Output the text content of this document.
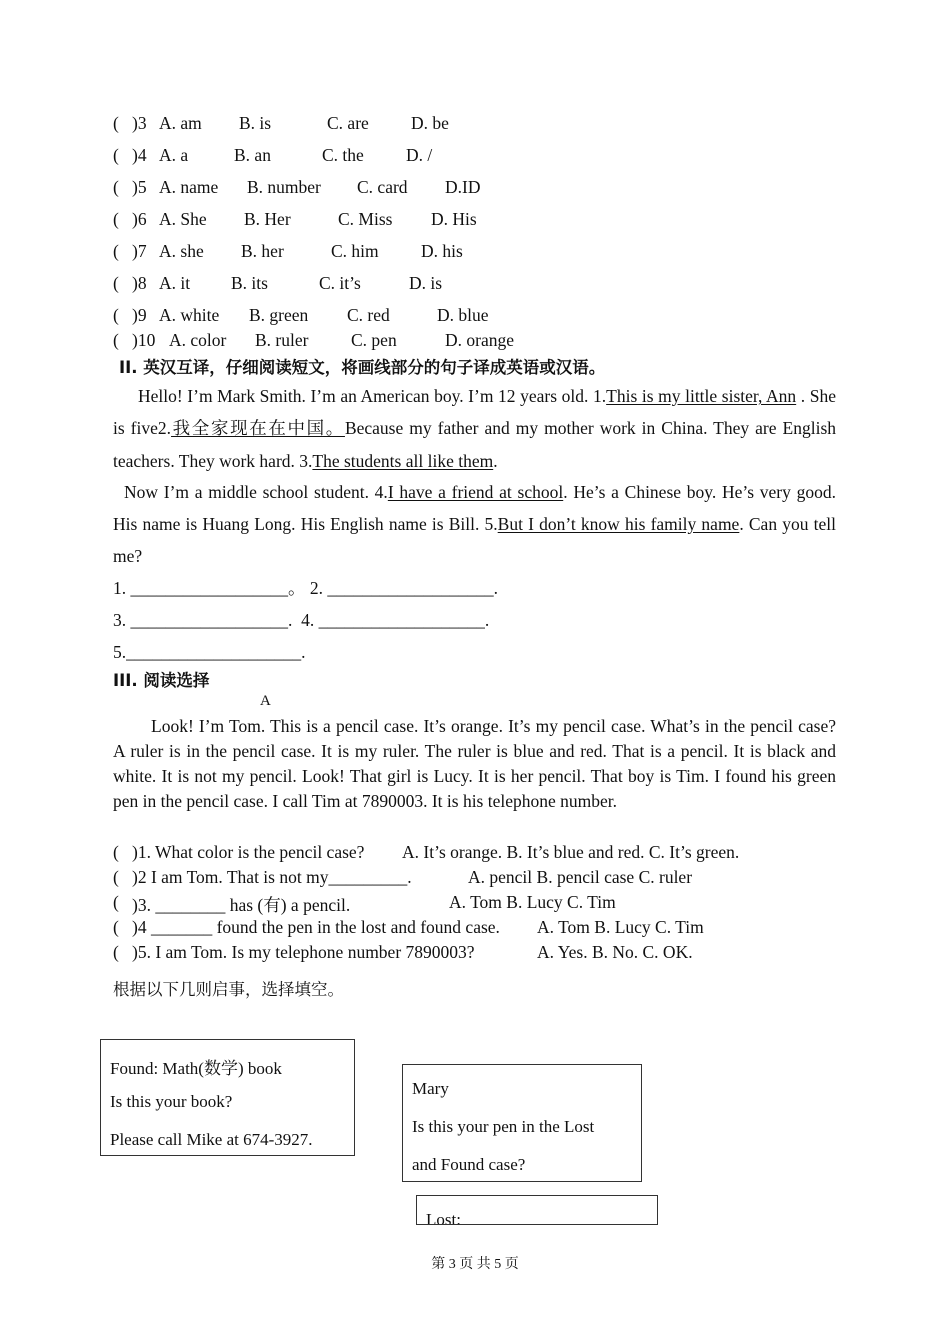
( )3 A. am B. is	C. are D. be
( )4 A. a	B. an	C. the D. /
( )5 A. name B. number C. card D.ID
( )6 A. She B. Her	C. Miss D. His
( )7 A. she B. her	C. him D. his
( )8 A. it B. its	C. it’s	D. is
( )9 A. white B. green C. red	D. blue
( )10 A. color B. ruler C. pen	D. orange
II. 英汉互译，仔细阅读短文，将画线部分的句子译成英语或汉语。
Hello! I’m Mark Smith. I’m an American boy. I’m 12 years old. 1.This is my little sister, Ann . She is five2.我全家现在在中国。Because my father and my mother work in China. They are English teachers. They work hard. 3.The students all like them.
Now I’m a middle school student. 4.I have a friend at school. He’s a Chinese boy. He’s very good. His name is Huang Long. His English name is Bill. 5.But I don’t know his family name. Can you tell me?
1. __________________。 2. ___________________.
3. __________________.  4. ___________________.
5.____________________.
III. 阅读选择
A
Look! I’m Tom. This is a pencil case. It’s orange. It’s my pencil case. What’s in the pencil case? A ruler is in the pencil case. It is my ruler. The ruler is blue and red. That is a pencil. It is black and white. It is not my pencil. Look! That girl is Lucy. It is her pencil. That boy is Tim. I found his green pen in the pencil case. I call Tim at 7890003. It is his telephone number.
( )1. What color is the pencil case? A. It’s orange. B. It’s blue and red. C. It’s green.
( )2 I am Tom. That is not my_________.	A. pencil B. pencil case C. ruler
( )3. ________ has (有) a pencil.	A. Tom B. Lucy C. Tim
( )4 _______ found the pen in the lost and found case. A. Tom B. Lucy C. Tim
( )5. I am Tom. Is my telephone number 7890003?	A. Yes. B. No. C. OK.
根据以下几则启事，选择填空。
Found: Math(数学) book
Is this your book?
Please call Mike at 674-3927.
Mary
Is this your pen in the Lost
and Found case?
Lost:
第 3 页 共 5 页
